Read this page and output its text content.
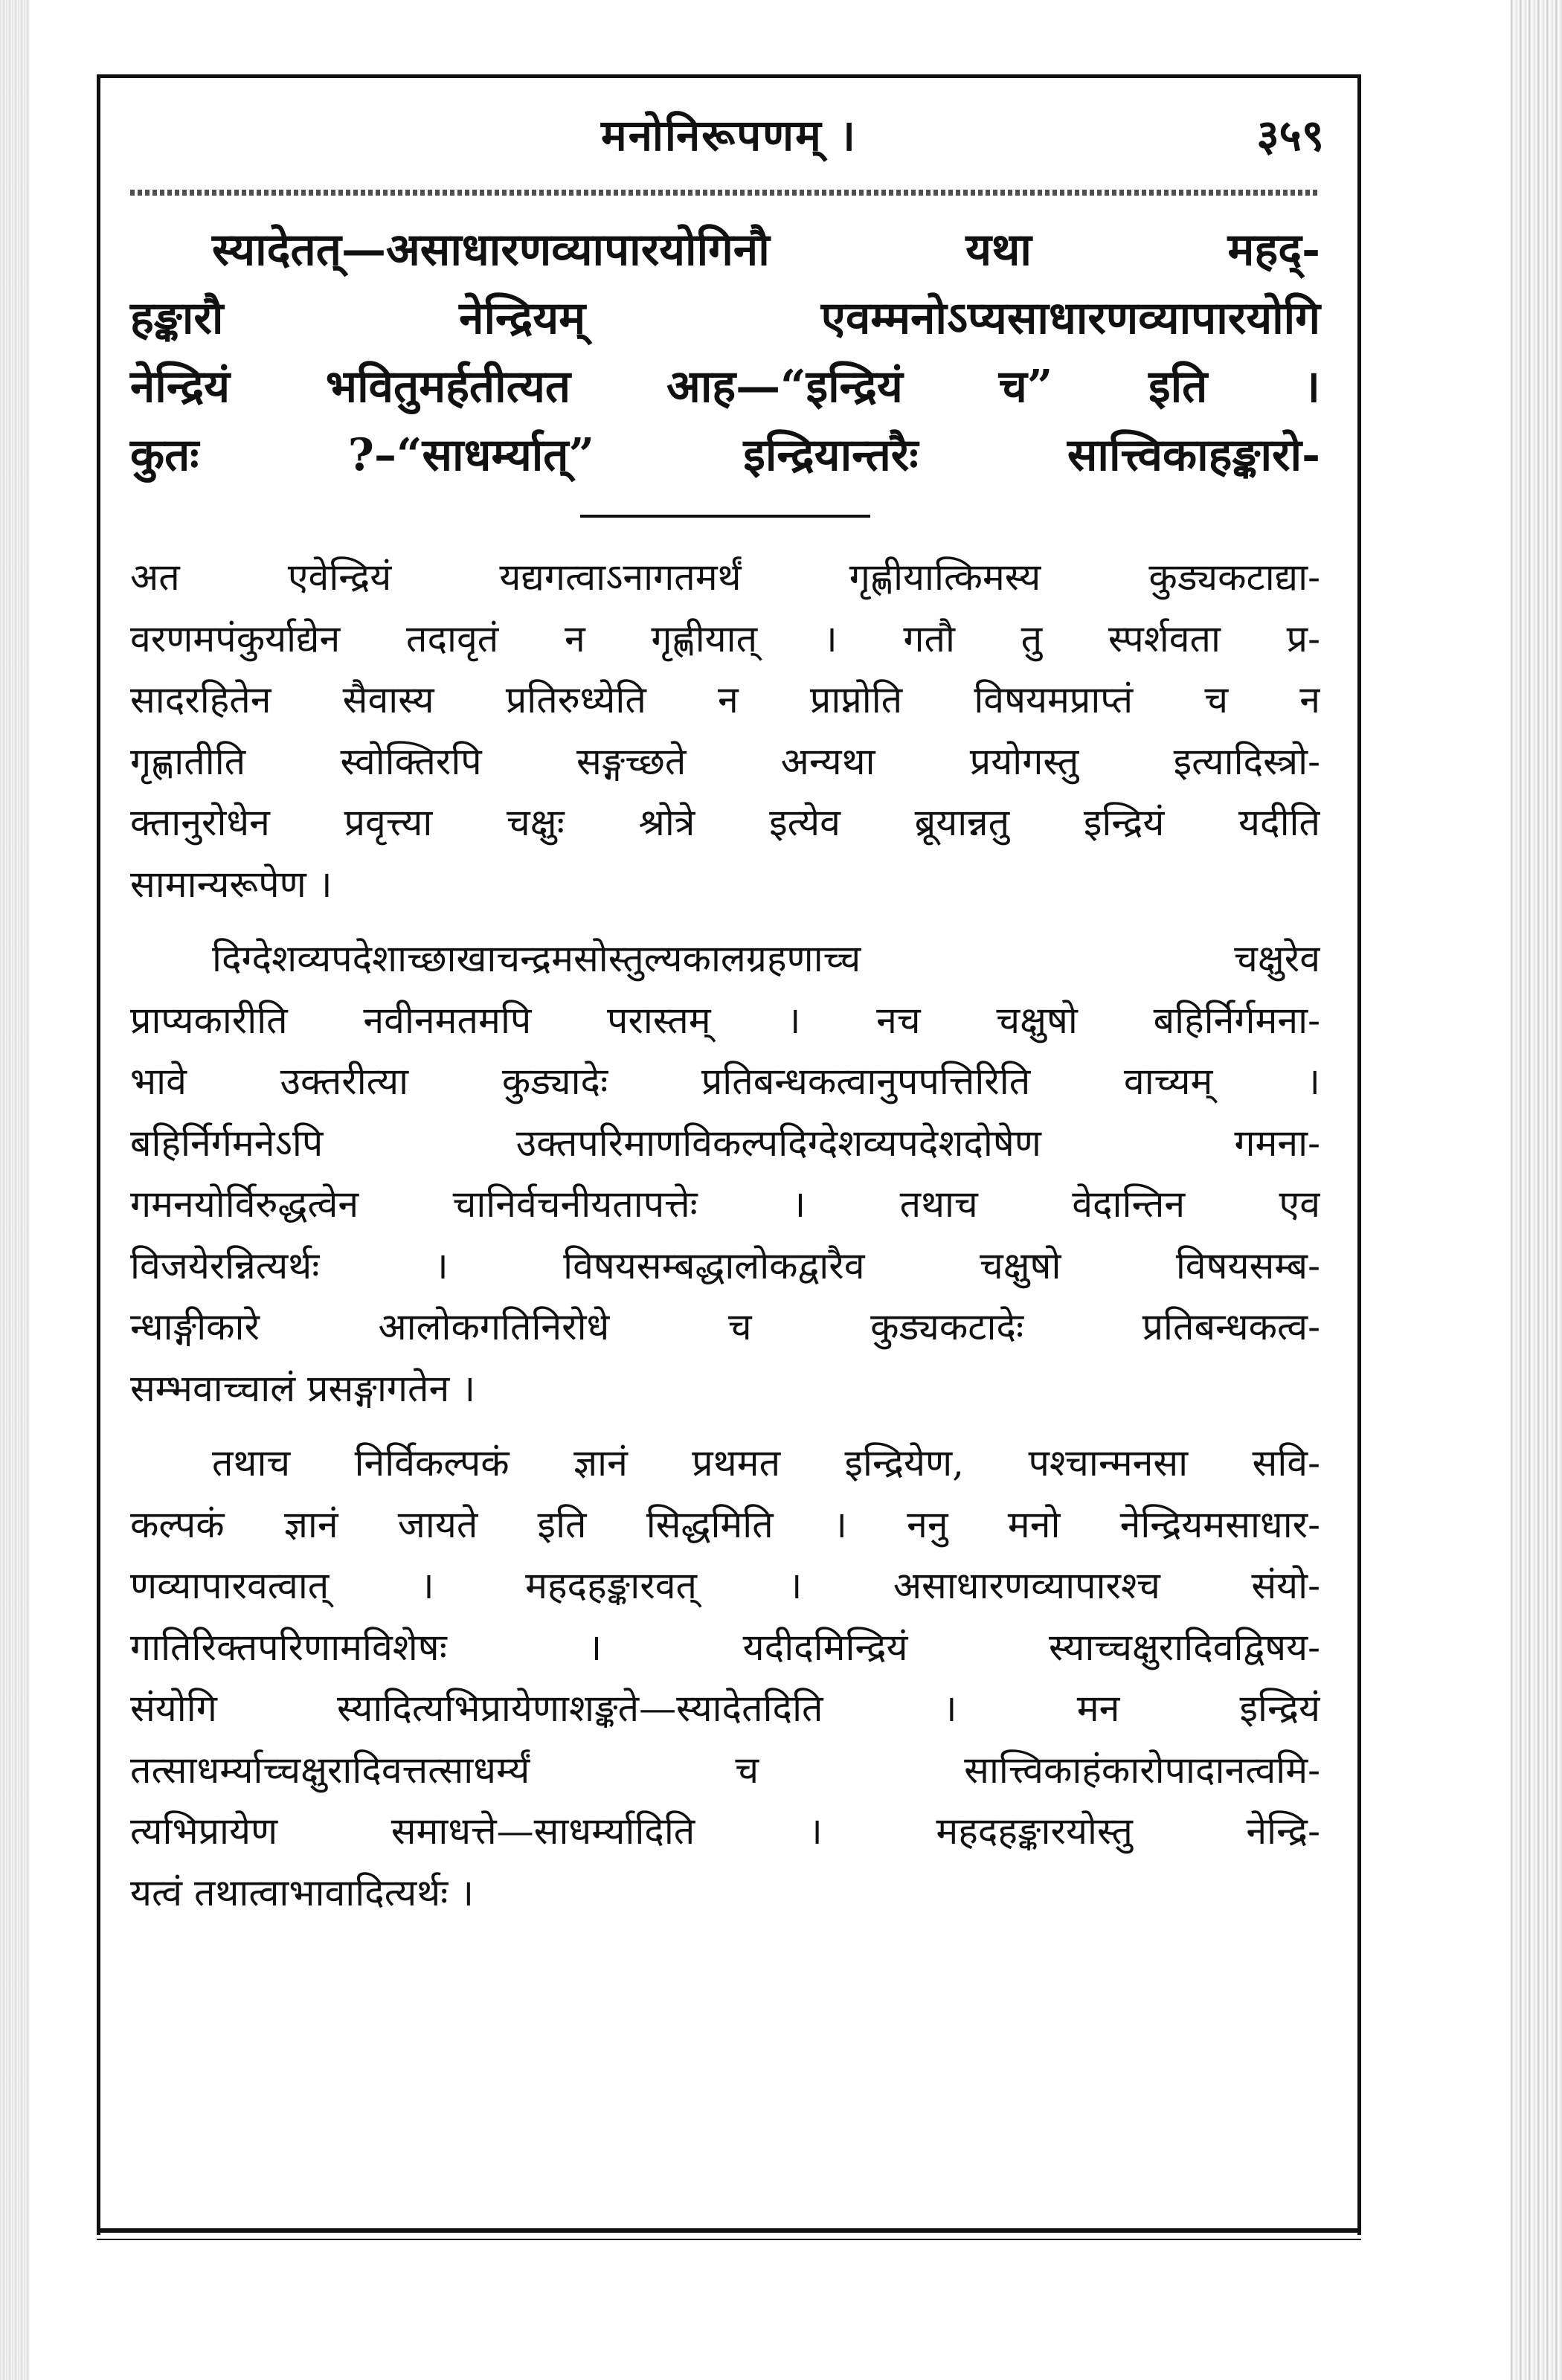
मनोनिरूपणम् ।	३५९

स्यादेतत्—असाधारणव्यापारयोगिनौ यथा महद्-

हङ्कारौ नेन्द्रियम् एवम्मनोऽप्यसाधारणव्यापारयोगि

नेन्द्रियं भवितुमर्हतीत्यत आह—“इन्द्रियं च” इति ।

कुतः ?–“साधर्म्यात्” इन्द्रियान्तरैः सात्त्विकाहङ्कारो-

अत एवेन्द्रियं यद्यगत्वाऽनागतमर्थं गृह्णीयात्किमस्य कुड्यकटाद्या-
वरणमपंकुर्याद्येन तदावृतं न गृह्णीयात् । गतौ तु स्पर्शवता प्र-
सादरहितेन सैवास्य प्रतिरुध्येति न प्राप्नोति विषयमप्राप्तं च न
गृह्णातीति स्वोक्तिरपि सङ्गच्छते अन्यथा प्रयोगस्तु इत्यादिस्त्रो-
क्तानुरोधेन प्रवृत्त्या चक्षुः श्रोत्रे इत्येव ब्रूयान्नतु इन्द्रियं यदीति
सामान्यरूपेण ।

दिग्देशव्यपदेशाच्छाखाचन्द्रमसोस्तुल्यकालग्रहणाच्च चक्षुरेव
प्राप्यकारीति नवीनमतमपि परास्तम् । नच चक्षुषो बहिर्निर्गमना-
भावे उक्तरीत्या कुड्यादेः प्रतिबन्धकत्वानुपपत्तिरिति वाच्यम् ।
बहिर्निर्गमनेऽपि उक्तपरिमाणविकल्पदिग्देशव्यपदेशदोषेण गमना-
गमनयोर्विरुद्धत्वेन चानिर्वचनीयतापत्तेः । तथाच वेदान्तिन एव
विजयेरन्नित्यर्थः । विषयसम्बद्धालोकद्वारैव चक्षुषो विषयसम्ब-
न्धाङ्गीकारे आलोकगतिनिरोधे च कुड्यकटादेः प्रतिबन्धकत्व-
सम्भवाच्चालं प्रसङ्गागतेन ।

तथाच निर्विकल्पकं ज्ञानं प्रथमत इन्द्रियेण, पश्चान्मनसा सवि-
कल्पकं ज्ञानं जायते इति सिद्धमिति । ननु मनो नेन्द्रियमसाधार-
णव्यापारवत्वात् । महदहङ्कारवत् । असाधारणव्यापारश्च संयो-
गातिरिक्तपरिणामविशेषः । यदीदमिन्द्रियं स्याच्चक्षुरादिवद्विषय-
संयोगि स्यादित्यभिप्रायेणाशङ्कते—स्यादेतदिति । मन इन्द्रियं
तत्साधर्म्याच्चक्षुरादिवत्तत्साधर्म्यं च सात्त्विकाहंकारोपादानत्वमि-
त्यभिप्रायेण समाधत्ते—साधर्म्यादिति । महदहङ्कारयोस्तु नेन्द्रि-
यत्वं तथात्वाभावादित्यर्थः ।
